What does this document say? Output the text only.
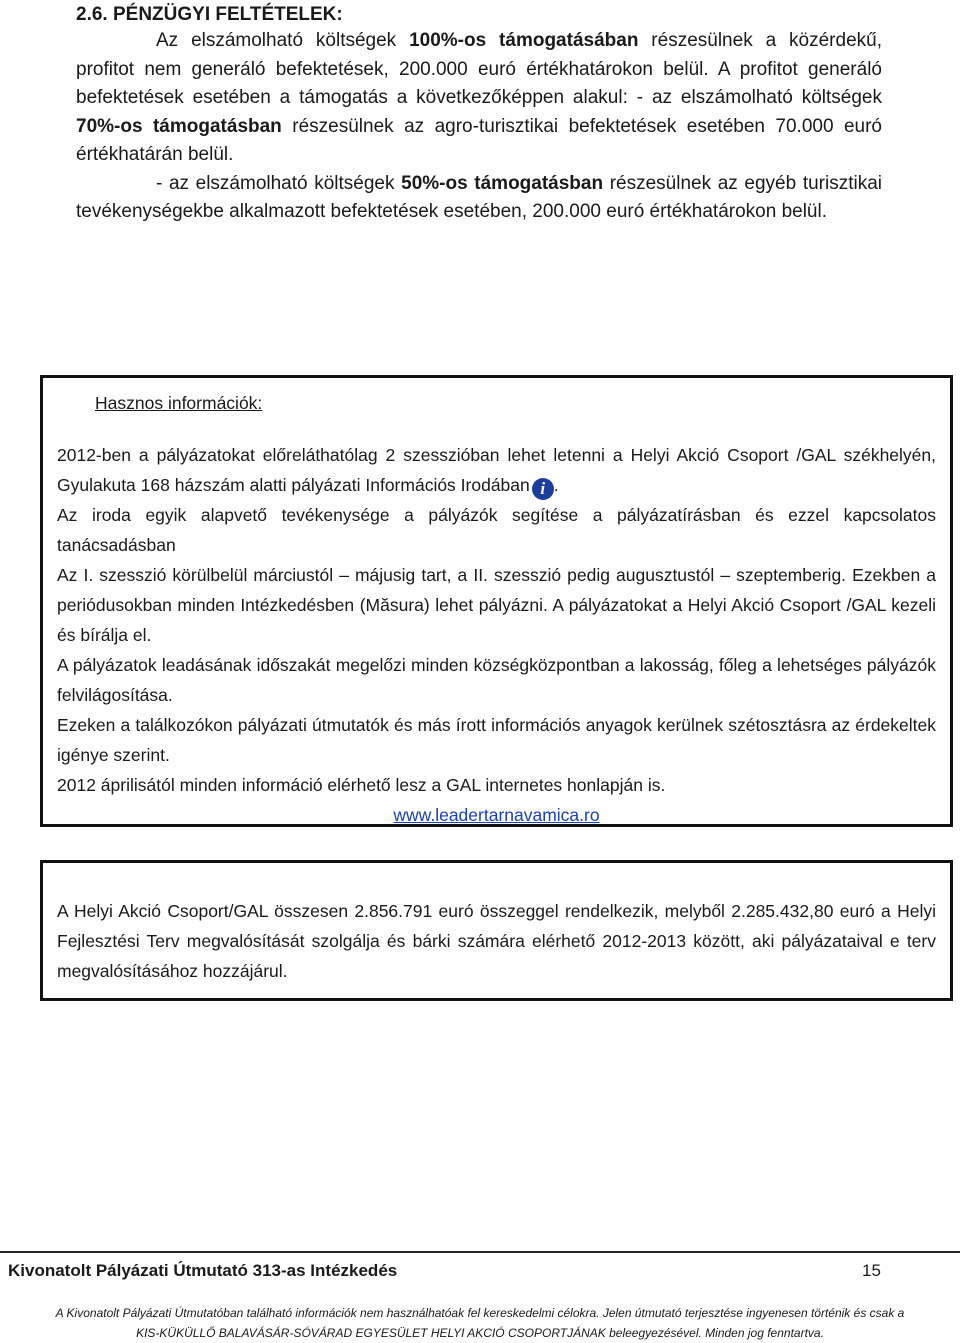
2.6. PÉNZÜGYI FELTÉTELEK:

Az elszámolható költségek 100%-os támogatásában részesülnek a közérdekű, profitot nem generáló befektetések, 200.000 euró értékhatárokon belül. A profitot generáló befektetések esetében a támogatás a következőképpen alakul: - az elszámolható költségek 70%-os támogatásban részesülnek az agro-turisztikai befektetések esetében 70.000 euró értékhatárán belül.

- az elszámolható költségek 50%-os támogatásban részesülnek az egyéb turisztikai tevékenységekbe alkalmazott befektetések esetében, 200.000 euró értékhatárokon belül.

Hasznos információk:

2012-ben a pályázatokat előreláthatólag 2 szesszióban lehet letenni a Helyi Akció Csoport /GAL székhelyén, Gyulakuta 168 házszám alatti pályázati Információs Irodában i .

Az iroda egyik alapvető tevékenysége a pályázók segítése a pályázatírásban és ezzel kapcsolatos tanácsadásban

Az I. szesszió körülbelül márciustól – májusig tart, a II. szesszió pedig augusztustól – szeptemberig. Ezekben a periódusokban minden Intézkedésben (Măsura) lehet pályázni. A pályázatokat a Helyi Akció Csoport /GAL kezeli és bírálja el.

A pályázatok leadásának időszakát megelőzi minden községközpontban a lakosság, főleg a lehetséges pályázók felvilágosítása.

Ezeken a találkozókon pályázati útmutatók és más írott információs anyagok kerülnek szétosztásra az érdekeltek igénye szerint.

2012 áprilisától minden információ elérhető lesz a GAL internetes honlapján is.

www.leadertarnavamica.ro

A Helyi Akció Csoport/GAL összesen 2.856.791 euró összeggel rendelkezik, melyből 2.285.432,80 euró a Helyi Fejlesztési Terv megvalósítását szolgálja és bárki számára elérhető 2012-2013 között, aki pályázataival e terv megvalósításához hozzájárul.

Kivonatolt Pályázati Útmutató 313-as Intézkedés	15
A Kivonatolt Pályázati Útmutatóban található információk nem használhatóak fel kereskedelmi célokra. Jelen útmutató terjesztése ingyenesen történik és csak a
KIS-KÜKÜLLŐ BALAVÁSÁR-SÓVÁRAD EGYESÜLET HELYI AKCIÓ CSOPORTJÁNAK beleegyezésével. Minden jog fenntartva.
